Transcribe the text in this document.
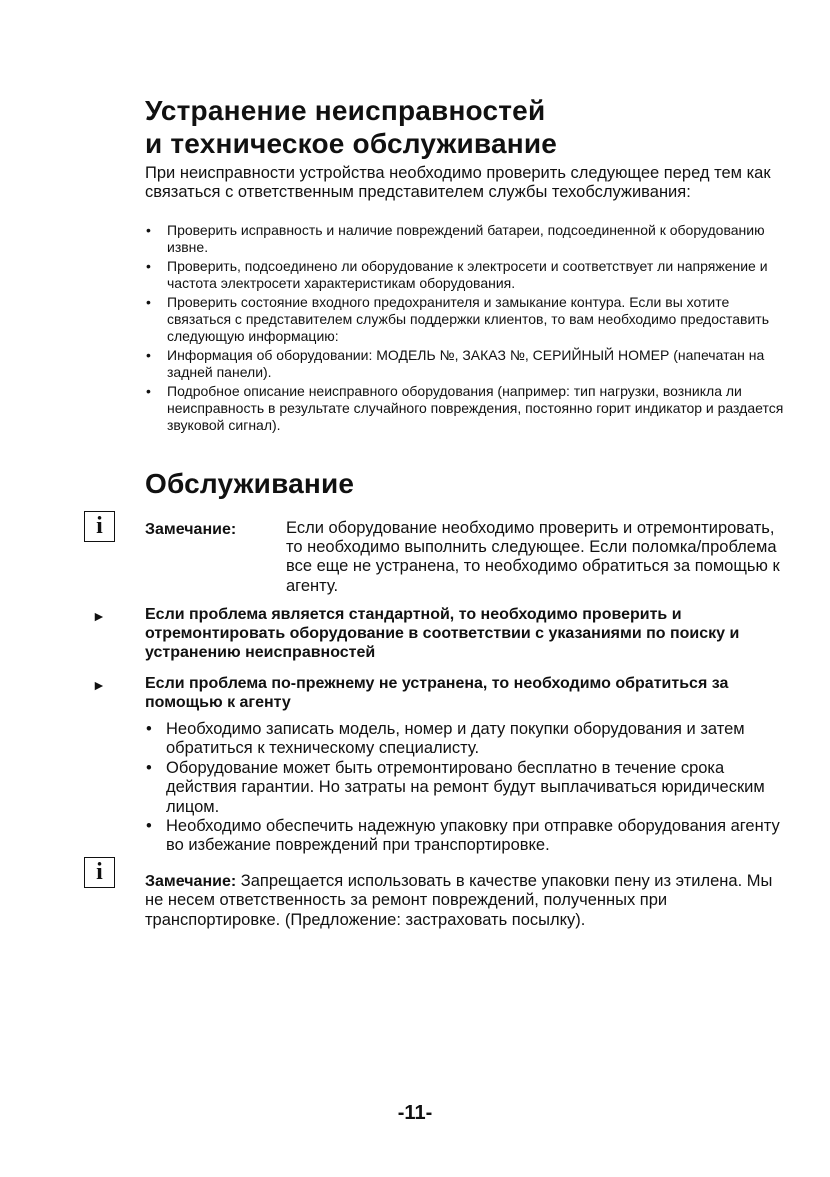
Устранение неисправностей
и техническое обслуживание

При неисправности устройства необходимо проверить следующее перед тем как связаться с ответственным представителем службы техобслуживания:

• Проверить исправность и наличие повреждений батареи, подсоединенной к оборудованию извне.
• Проверить, подсоединено ли оборудование к электросети и соответствует ли напряжение и частота электросети характеристикам оборудования.
• Проверить состояние входного предохранителя и замыкание контура. Если вы хотите связаться с представителем службы поддержки клиентов, то вам необходимо предоставить следующую информацию:
• Информация об оборудовании: МОДЕЛЬ №, ЗАКАЗ №, СЕРИЙНЫЙ НОМЕР (напечатан на задней панели).
• Подробное описание неисправного оборудования (например: тип нагрузки, возникла ли неисправность в результате случайного повреждения, постоянно горит индикатор и раздается звуковой сигнал).
Обслуживание
i	Замечание:	Если оборудование необходимо проверить и отремонтировать, то необходимо выполнить следующее. Если поломка/проблема все еще не устранена, то необходимо обратиться за помощью к агенту.
► Если проблема является стандартной, то необходимо проверить и отремонтировать оборудование в соответствии с указаниями по поиску и устранению неисправностей
► Если проблема по-прежнему не устранена, то необходимо обратиться за помощью к агенту
• Необходимо записать модель, номер и дату покупки оборудования и затем обратиться к техническому специалисту.
• Оборудование может быть отремонтировано бесплатно в течение срока действия гарантии. Но затраты на ремонт будут выплачиваться юридическим лицом.
• Необходимо обеспечить надежную упаковку при отправке оборудования агенту во избежание повреждений при транспортировке.
i	Замечание: Запрещается использовать в качестве упаковки пену из этилена. Мы не несем ответственность за ремонт повреждений, полученных при транспортировке. (Предложение: застраховать посылку).
-11-
